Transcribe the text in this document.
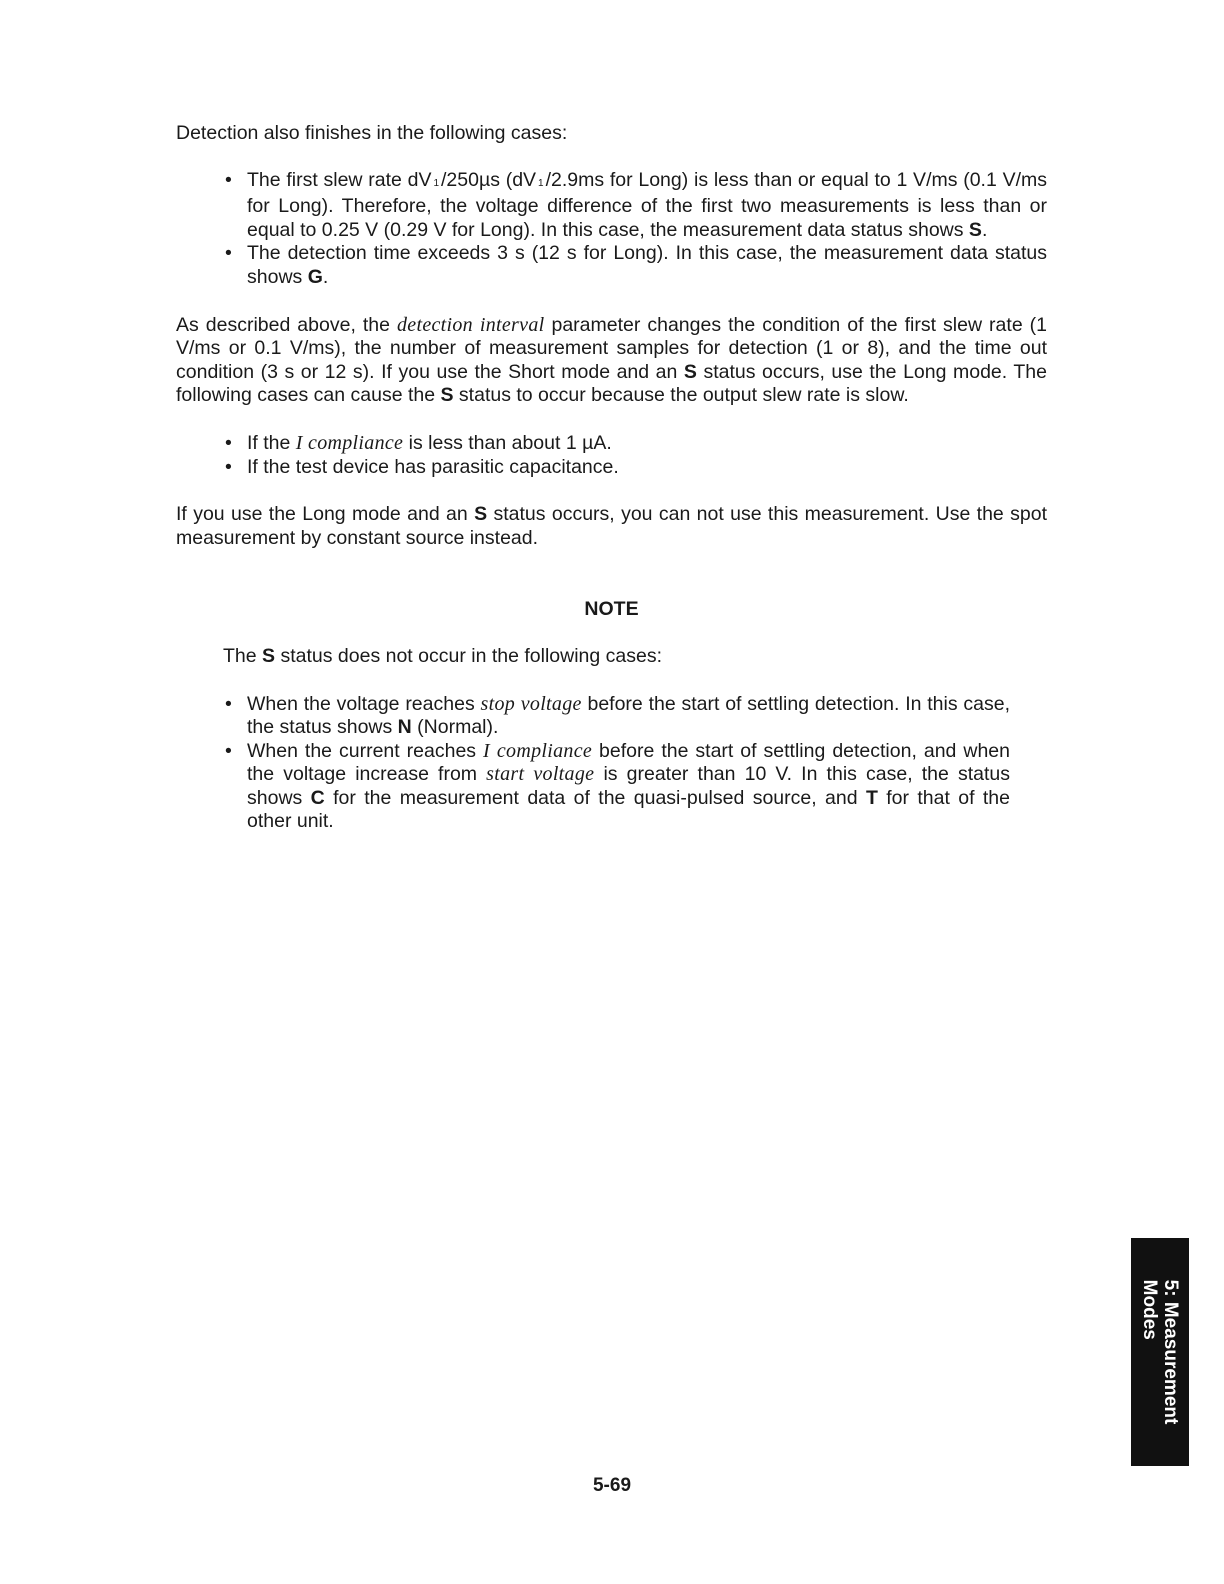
Detection also finishes in the following cases:

• The first slew rate dV 1 /250µs (dV 1 /2.9ms for Long) is less than or equal to 1 V/ms (0.1 V/ms for Long). Therefore, the voltage difference of the first two measurements is less than or equal to 0.25 V (0.29 V for Long). In this case, the measurement data status shows S.
• The detection time exceeds 3 s (12 s for Long). In this case, the measurement data status shows G.

As described above, the detection interval parameter changes the condition of the first slew rate (1 V/ms or 0.1 V/ms), the number of measurement samples for detection (1 or 8), and the time out condition (3 s or 12 s). If you use the Short mode and an S status occurs, use the Long mode. The following cases can cause the S status to occur because the output slew rate is slow.

• If the I compliance is less than about 1 µA.
• If the test device has parasitic capacitance.

If you use the Long mode and an S status occurs, you can not use this measurement. Use the spot measurement by constant source instead.

NOTE

The S status does not occur in the following cases:

• When the voltage reaches stop voltage before the start of settling detection. In this case, the status shows N (Normal).
• When the current reaches I compliance before the start of settling detection, and when the voltage increase from start voltage is greater than 10 V. In this case, the status shows C for the measurement data of the quasi-pulsed source, and T for that of the other unit.
5: Measurement
Modes
5-69
